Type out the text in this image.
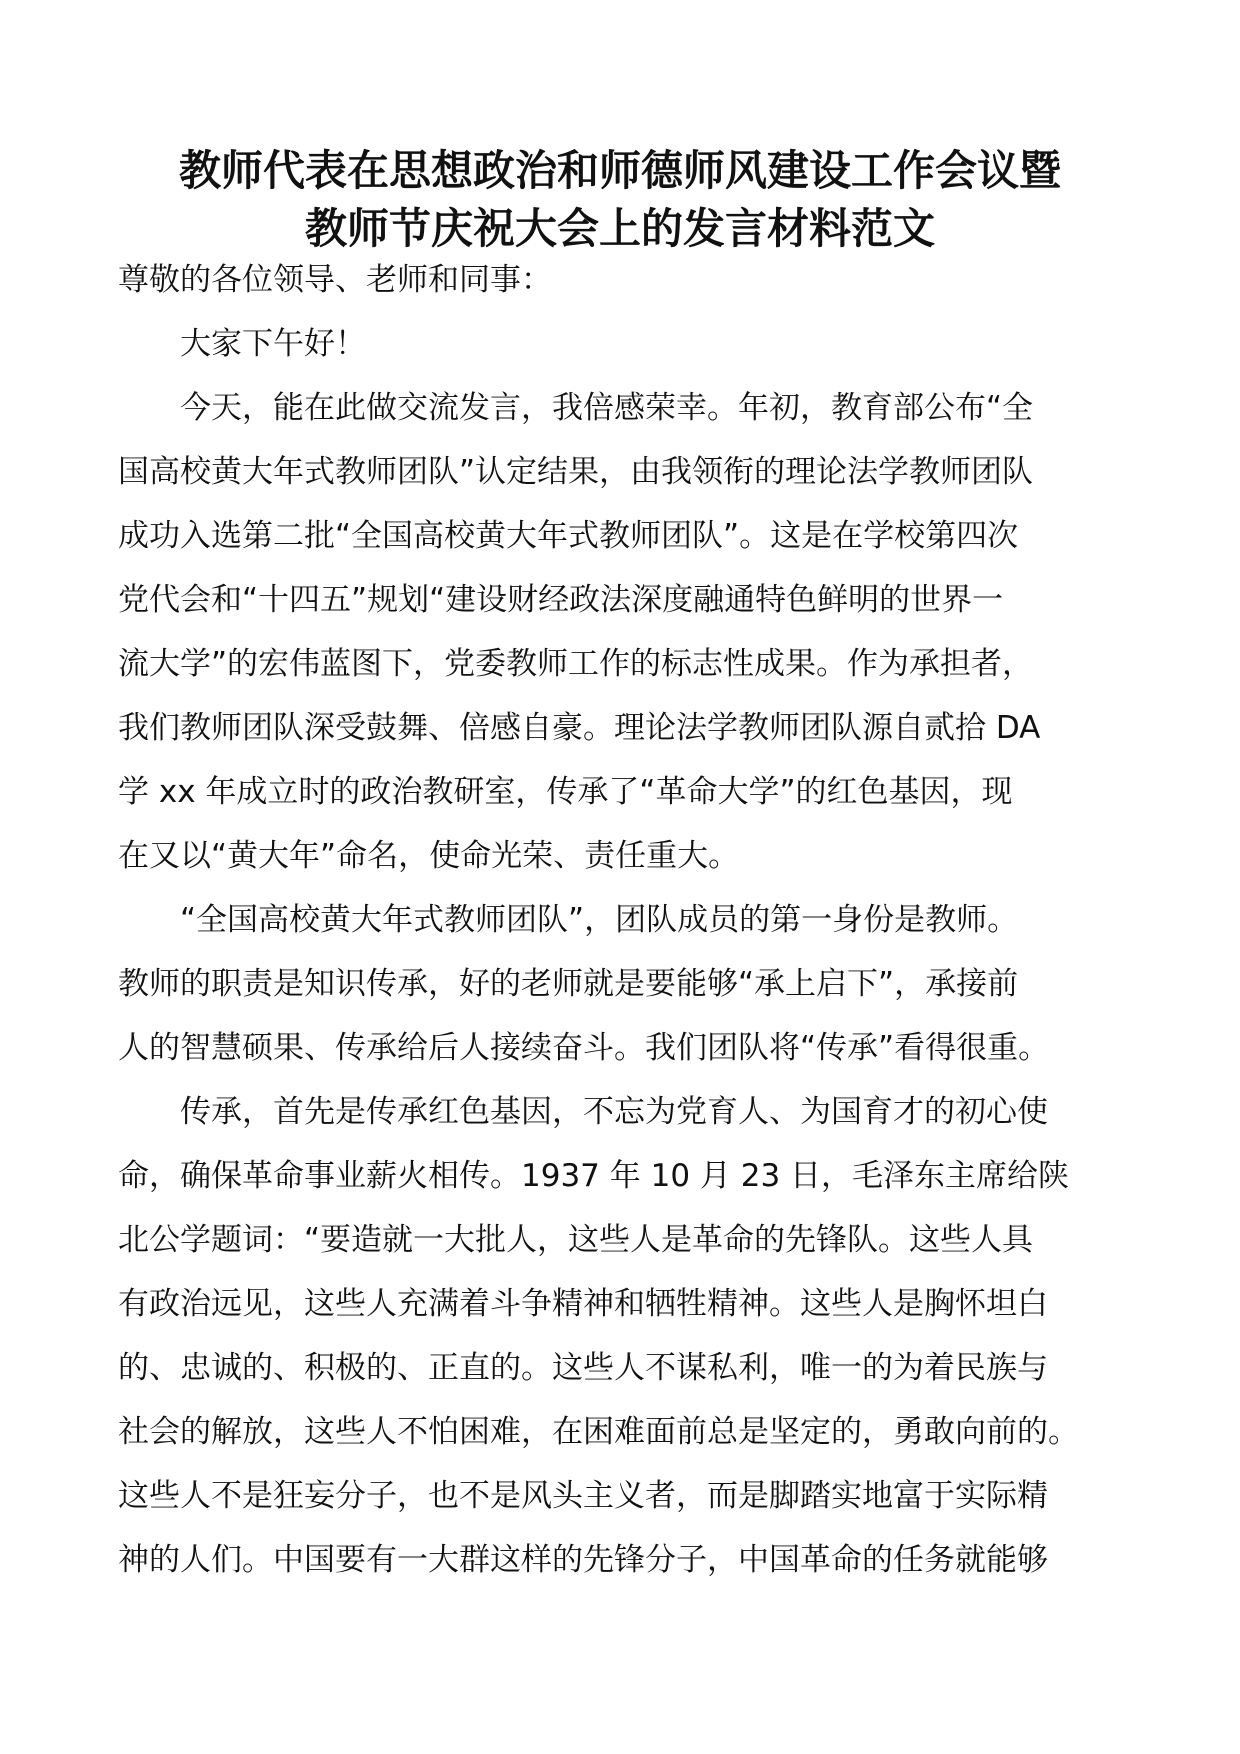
教师代表在思想政治和师德师风建设工作会议暨
教师节庆祝大会上的发言材料范文

尊敬的各位领导、老师和同事：

大家下午好！

今天，能在此做交流发言，我倍感荣幸。年初，教育部公布“全
国高校黄大年式教师团队”认定结果，由我领衔的理论法学教师团队
成功入选第二批“全国高校黄大年式教师团队”。这是在学校第四次
党代会和“十四五”规划“建设财经政法深度融通特色鲜明的世界一
流大学”的宏伟蓝图下，党委教师工作的标志性成果。作为承担者，
我们教师团队深受鼓舞、倍感自豪。理论法学教师团队源自贰拾 DA
学 xx 年成立时的政治教研室，传承了“革命大学”的红色基因，现
在又以“黄大年”命名，使命光荣、责任重大。

“全国高校黄大年式教师团队”，团队成员的第一身份是教师。
教师的职责是知识传承，好的老师就是要能够“承上启下”，承接前
人的智慧硕果、传承给后人接续奋斗。我们团队将“传承”看得很重。

传承，首先是传承红色基因，不忘为党育人、为国育才的初心使
命，确保革命事业薪火相传。1937 年 10 月 23 日，毛泽东主席给陕
北公学题词：“要造就一大批人，这些人是革命的先锋队。这些人具
有政治远见，这些人充满着斗争精神和牺牲精神。这些人是胸怀坦白
的、忠诚的、积极的、正直的。这些人不谋私利，唯一的为着民族与
社会的解放，这些人不怕困难，在困难面前总是坚定的，勇敢向前的。
这些人不是狂妄分子，也不是风头主义者，而是脚踏实地富于实际精
神的人们。中国要有一大群这样的先锋分子，中国革命的任务就能够
